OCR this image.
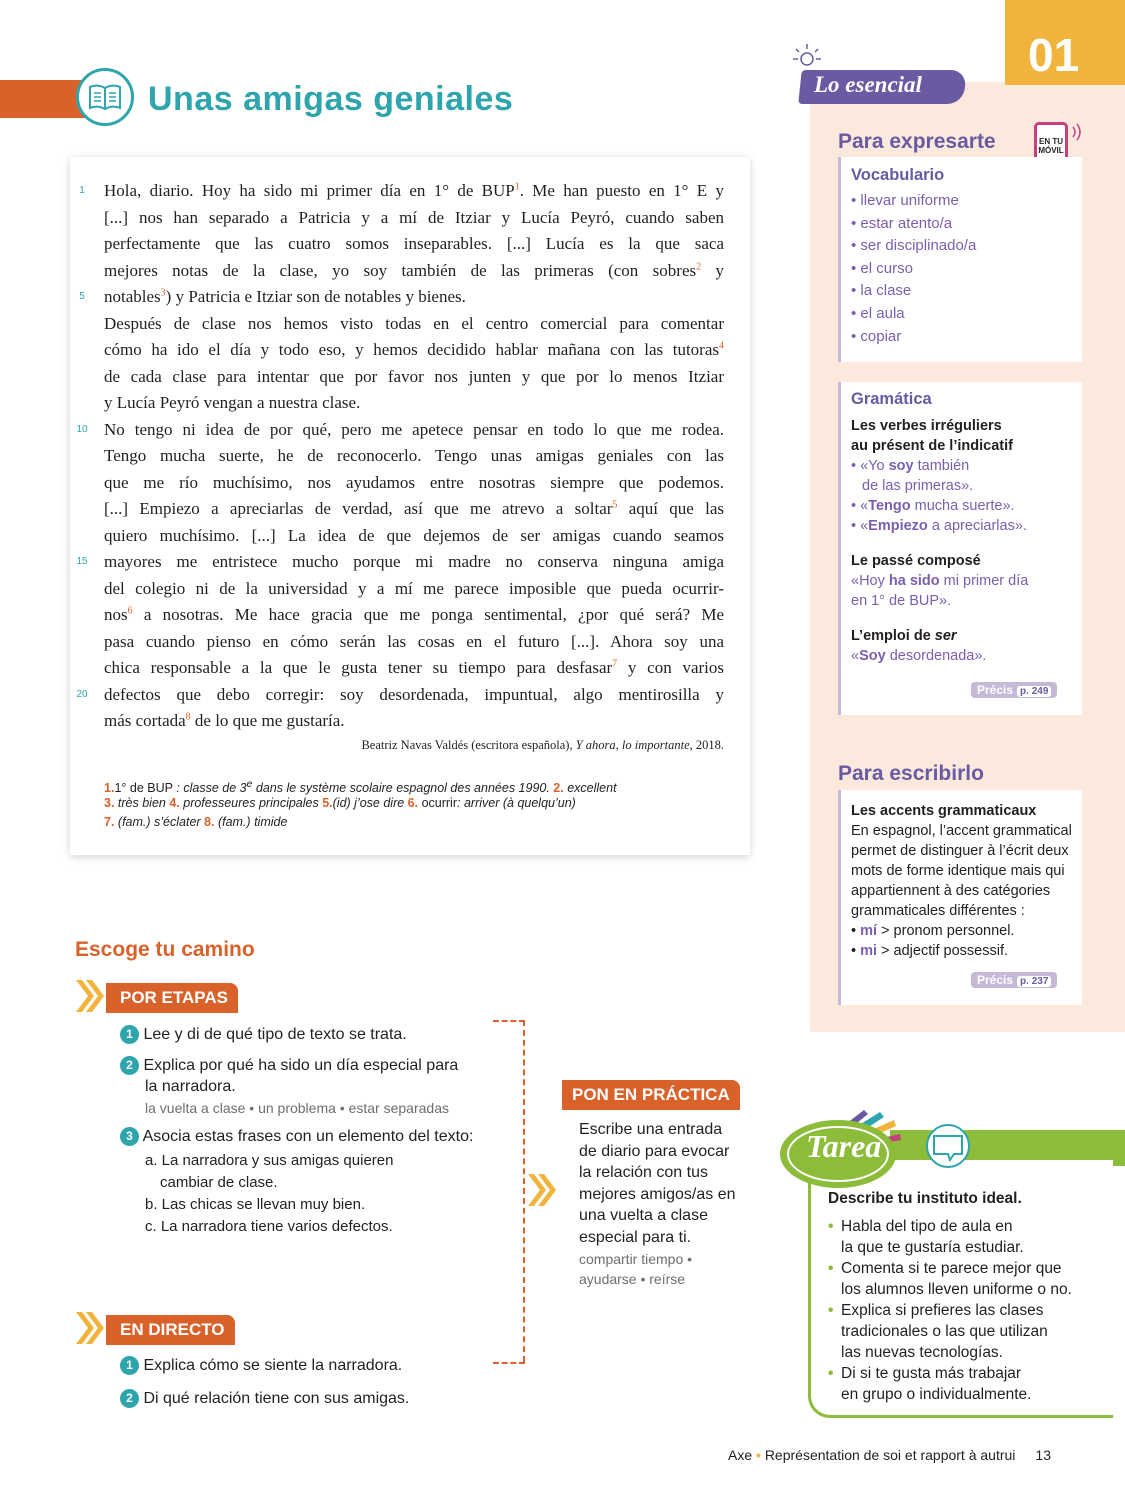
Unas amigas geniales
Hola, diario. Hoy ha sido mi primer día en 1° de BUP$^1$. Me han puesto en 1° E y
1
[...] nos han separado a Patricia y a mí de Itziar y Lucía Peyró, cuando saben
perfectamente que las cuatro somos inseparables. [...] Lucía es la que saca
mejores notas de la clase, yo soy también de las primeras (con sobres$^2$ y
notables$^3$) y Patricia e Itziar son de notables y bienes.
5
Después de clase nos hemos visto todas en el centro comercial para comentar
cómo ha ido el día y todo eso, y hemos decidido hablar mañana con las tutoras$^4$
de cada clase para intentar que por favor nos junten y que por lo menos Itziar
y Lucía Peyró vengan a nuestra clase.
No tengo ni idea de por qué, pero me apetece pensar en todo lo que me rodea.
10
Tengo mucha suerte, he de reconocerlo. Tengo unas amigas geniales con las
que me río muchísimo, nos ayudamos entre nosotras siempre que podemos.
[...] Empiezo a apreciarlas de verdad, así que me atrevo a soltar$^5$ aquí que las
quiero muchísimo. [...] La idea de que dejemos de ser amigas cuando seamos
mayores me entristece mucho porque mi madre no conserva ninguna amiga
15
del colegio ni de la universidad y a mí me parece imposible que pueda ocurrir-
nos$^6$ a nosotras. Me hace gracia que me ponga sentimental, ¿por qué será? Me
pasa cuando pienso en cómo serán las cosas en el futuro [...]. Ahora soy una
chica responsable a la que le gusta tener su tiempo para desfasar$^7$ y con varios
defectos que debo corregir: soy desordenada, impuntual, algo mentirosilla y
20
más cortada$^8$ de lo que me gustaría.
Beatriz Navas Valdés (escritora española), Y ahora, lo importante, 2018.
1.1° de BUP : classe de 3e dans le système scolaire espagnol des années 1990. 2. excellent
3. très bien 4. professeures principales 5.(id) j’ose dire 6. ocurrir: arriver (à quelqu’un)
7. (fam.) s’éclater 8. (fam.) timide
01
Lo esencial
Para expresarte	EN TU MÓVIL
Vocabulario
• llevar uniforme
• estar atento/a
• ser disciplinado/a
• el curso
• la clase
• el aula
• copiar
Gramática
Les verbes irréguliers
au présent de l’indicatif
• «Yo soy también
de las primeras».
• «Tengo mucha suerte».
• «Empiezo a apreciarlas».
Le passé composé
«Hoy ha sido mi primer día
en 1° de BUP».
L’emploi de ser
«Soy desordenada».
Précis p. 249
Para escribirlo
Les accents grammaticaux
En espagnol, l’accent grammatical
permet de distinguer à l’écrit deux
mots de forme identique mais qui
appartiennent à des catégories
grammaticales différentes :
• mí > pronom personnel.
• mi > adjectif possessif.
Précis p. 237
Escoge tu camino
POR ETAPAS
1 Lee y di de qué tipo de texto se trata.
2 Explica por qué ha sido un día especial para
la narradora.
la vuelta a clase • un problema • estar separadas
3 Asocia estas frases con un elemento del texto:
a. La narradora y sus amigas quieren
cambiar de clase.
b. Las chicas se llevan muy bien.
c. La narradora tiene varios defectos.
EN DIRECTO
1 Explica cómo se siente la narradora.
2 Di qué relación tiene con sus amigas.
PON EN PRÁCTICA
Escribe una entrada
de diario para evocar
la relación con tus
mejores amigos/as en
una vuelta a clase
especial para ti.
compartir tiempo •
ayudarse • reírse
Tarea
Describe tu instituto ideal.
• Habla del tipo de aula en
la que te gustaría estudiar.
• Comenta si te parece mejor que
los alumnos lleven uniforme o no.
• Explica si prefieres las clases
tradicionales o las que utilizan
las nuevas tecnologías.
• Di si te gusta más trabajar
en grupo o individualmente.
Axe • Représentation de soi et rapport à autrui 13
